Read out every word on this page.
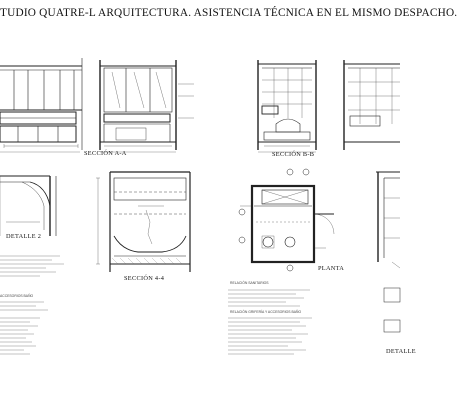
TUDIO QUATRE-L ARQUITECTURA. ASISTENCIA TÉCNICA EN EL MISMO DESPACHO.
SECCIÓN A-A	SECCIÓN B-B
DETALLE 2
SECCIÓN 4-4
PLANTA
DETALLE
RELACIÓN SANITARIOS
RELACIÓN GRIFERÍA Y ACCESORIOS BAÑO
ACCESORIOS BAÑO
